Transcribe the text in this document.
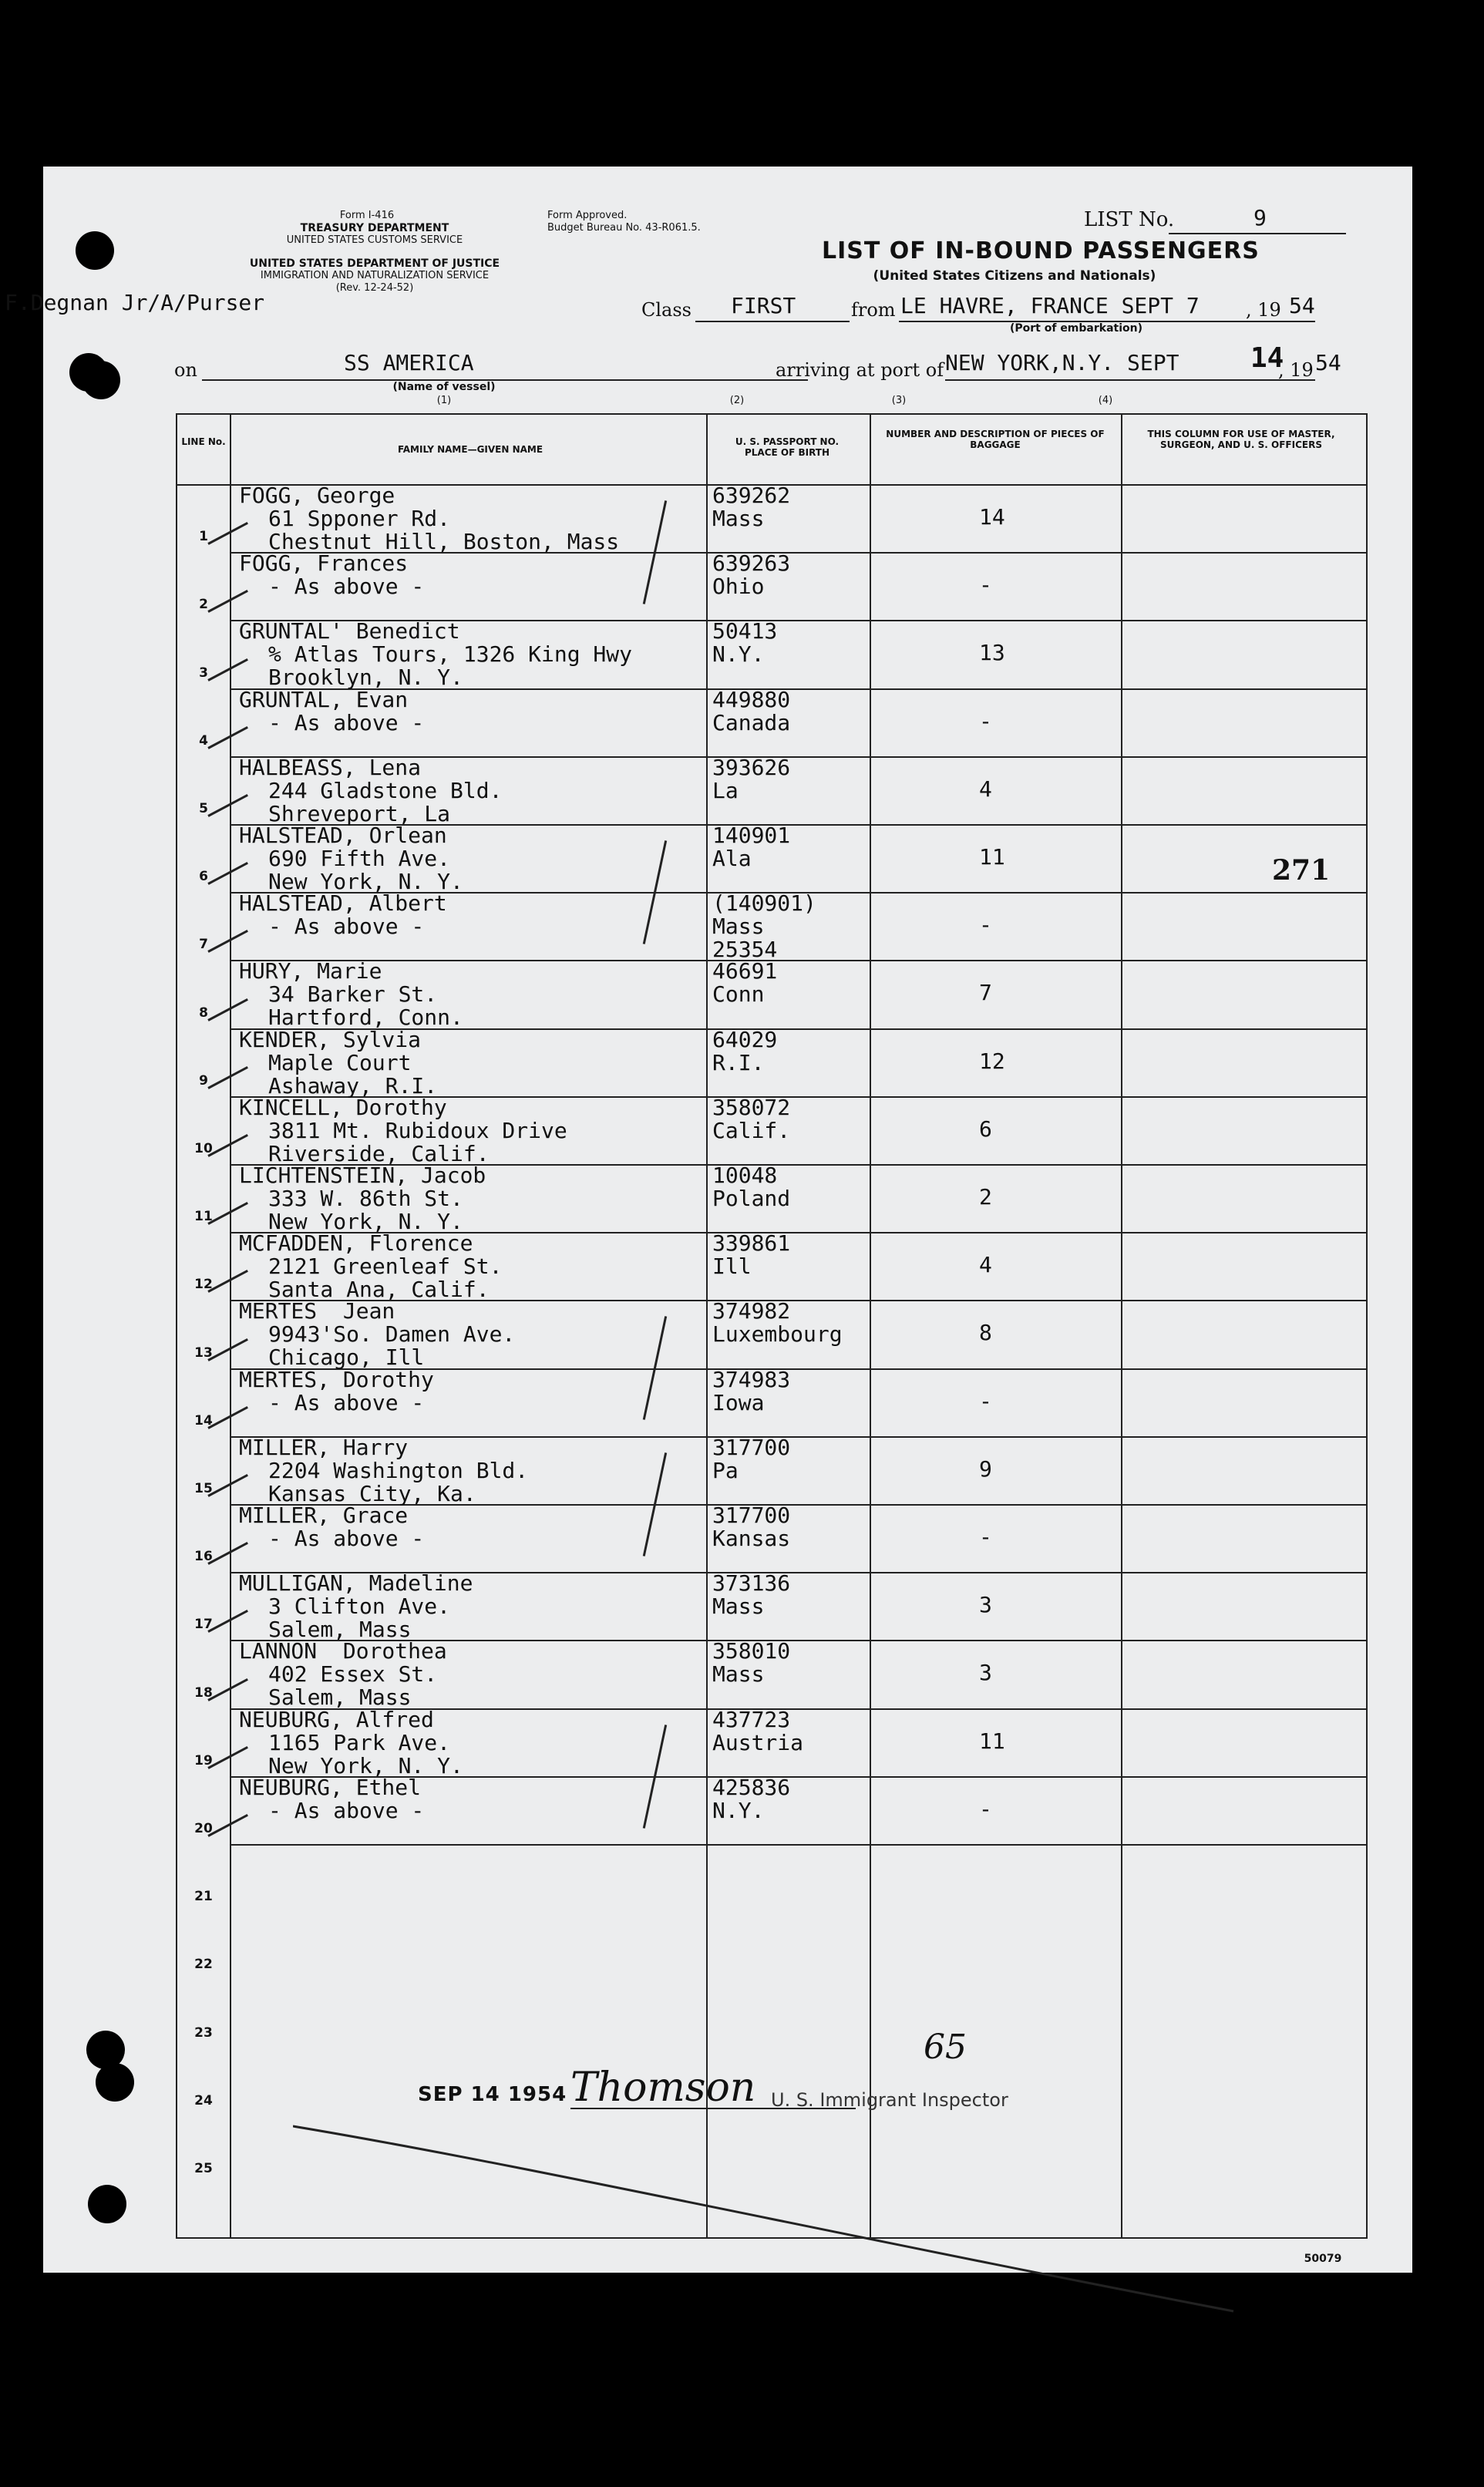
Form I-416
TREASURY DEPARTMENT
UNITED STATES CUSTOMS SERVICE
UNITED STATES DEPARTMENT OF JUSTICE
IMMIGRATION AND NATURALIZATION SERVICE
(Rev. 12-24-52)
Form Approved.
Budget Bureau No. 43-R061.5.	LIST No.	9
LIST OF IN-BOUND PASSENGERS
(United States Citizens and Nationals)
F.Degnan Jr/A/Purser	Class FIRST	from LE HAVRE, FRANCE SEPT 7	, 19 54
(Port of embarkation)
on	SS AMERICA
(Name of vessel)
(1)
arriving at port of NEW YORK,N.Y. SEPT	14
, 19 54
(2)	(3)	(4)
LINE No.
FAMILY NAME—GIVEN NAME
U. S. PASSPORT NO. PLACE OF BIRTH
NUMBER AND DESCRIPTION OF PIECES OF BAGGAGE
THIS COLUMN FOR USE OF MASTER, SURGEON, AND U. S. OFFICERS
1
FOGG, George
61 Spponer Rd.
Chestnut Hill, Boston, Mass
639262
Mass	14
2
FOGG, Frances
- As above -
639263
Ohio	-
3
GRUNTAL' Benedict
% Atlas Tours, 1326 King Hwy
Brooklyn, N. Y.
50413
N.Y.	13
4
GRUNTAL, Evan
- As above -
449880
Canada	-
5
HALBEASS, Lena
244 Gladstone Bld.
Shreveport, La
393626
La	4
6
HALSTEAD, Orlean
690 Fifth Ave.
New York, N. Y.
140901
Ala	11
7
HALSTEAD, Albert
- As above -
(140901)
Mass
25354
-
8
HURY, Marie
34 Barker St.
Hartford, Conn.
46691
Conn	7
9
KENDER, Sylvia
Maple Court
Ashaway, R.I.
64029
R.I.	12
10
KINCELL, Dorothy
3811 Mt. Rubidoux Drive
Riverside, Calif.
358072
Calif.	6
11
LICHTENSTEIN, Jacob
333 W. 86th St.
New York, N. Y.
10048
Poland	2
12
MCFADDEN, Florence
2121 Greenleaf St.
Santa Ana, Calif.
339861
Ill	4
13
MERTES  Jean
9943'So. Damen Ave.
Chicago, Ill
374982
Luxembourg	8
14
MERTES, Dorothy
- As above -
374983
Iowa	-
15
MILLER, Harry
2204 Washington Bld.
Kansas City, Ka.
317700
Pa	9
16
MILLER, Grace
- As above -
317700
Kansas	-
17
MULLIGAN, Madeline
3 Clifton Ave.
Salem, Mass
373136
Mass	3
18
LANNON  Dorothea
402 Essex St.
Salem, Mass
358010
Mass	3
19
NEUBURG, Alfred
1165 Park Ave.
New York, N. Y.
437723
Austria	11
20
NEUBURG, Ethel
- As above -
425836
N.Y.	-
21
22
23
24
25
271
SEP 14 1954 Thomson U. S. Immigrant Inspector
65
50079
